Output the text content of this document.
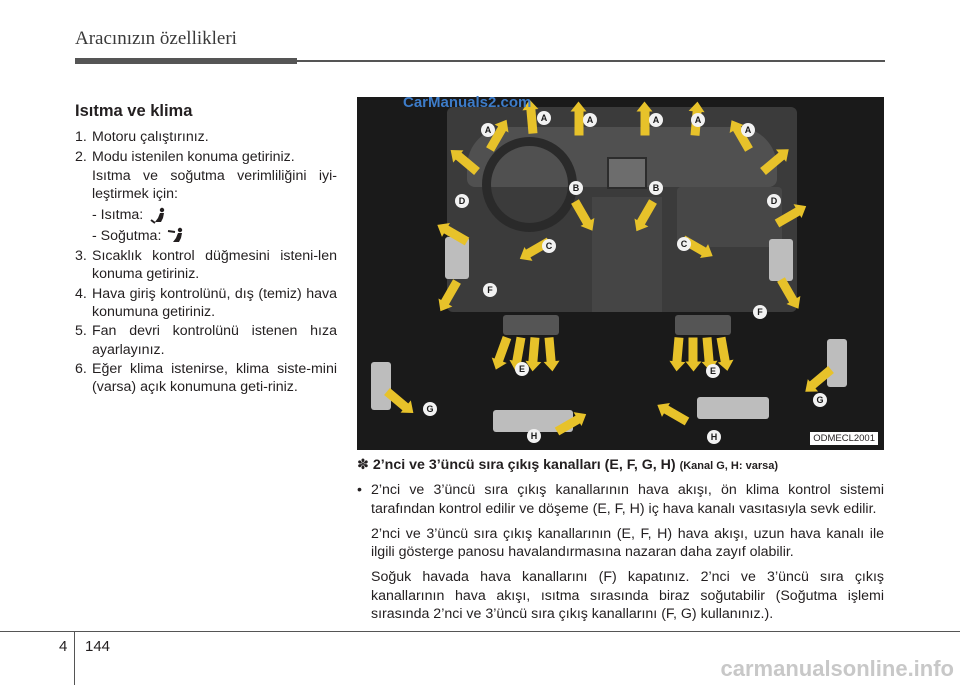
Aracınızın özellikleri
Isıtma ve klima
1. Motoru çalıştırınız.
2. Modu istenilen konuma getiriniz.
Isıtma ve soğutma verimliliğini iyi-leştirmek için:
- Isıtma:
- Soğutma:
3. Sıcaklık kontrol düğmesini isteni-len konuma getiriniz.
4. Hava giriş kontrolünü, dış (temiz) hava konumuna getiriniz.
5. Fan devri kontrolünü istenen hıza ayarlayınız.
6. Eğer klima istenirse, klima siste-mini (varsa) açık konumuna geti-riniz.
A
A	A	A	A
A
B	B
C	C
D	D
E	E
F
F
G
G
H	H	ODMECL2001
CarManuals2.com
✽ 2’nci ve 3’üncü sıra çıkış kanalları (E, F, G, H) (Kanal G, H: varsa)
• 2’nci ve 3’üncü sıra çıkış kanallarının hava akışı, ön klima kontrol sistemi tarafından kontrol edilir ve döşeme (E, F, H) iç hava kanalı vasıtasıyla sevk edilir.
2’nci ve 3’üncü sıra çıkış kanallarının (E, F, H) hava akışı, uzun hava kanalı ile ilgili gösterge panosu havalandırmasına nazaran daha zayıf olabilir.
Soğuk havada hava kanallarını (F) kapatınız. 2’nci ve 3’üncü sıra çıkış kanallarının hava akışı, ısıtma sırasında biraz soğutabilir (Soğutma işlemi sırasında 2’nci ve 3’üncü sıra çıkış kanallarını (F, G) kullanınız.).
4 144
carmanualsonline.info
